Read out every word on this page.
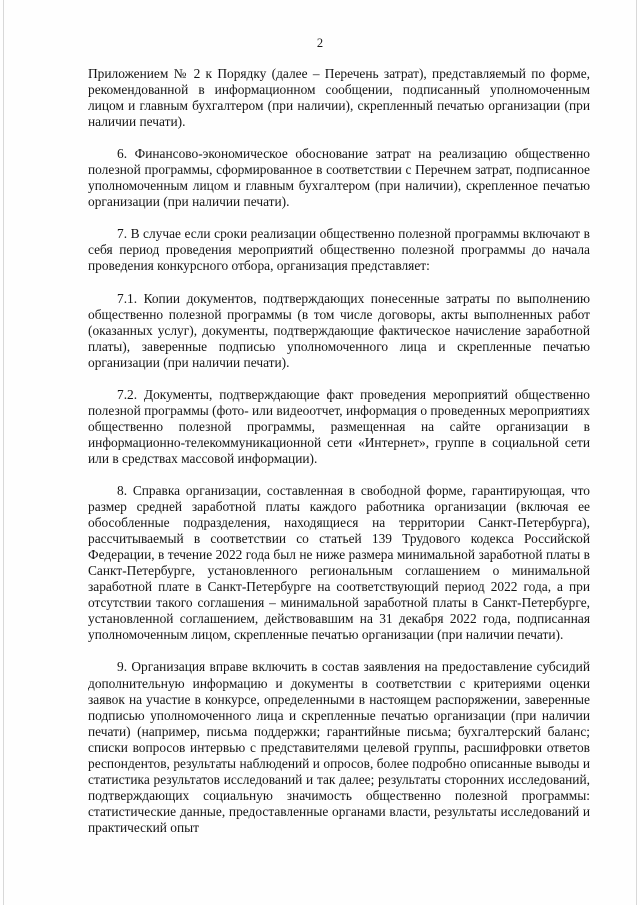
2

Приложением № 2 к Порядку (далее – Перечень затрат), представляемый по форме, рекомендованной в информационном сообщении, подписанный уполномоченным лицом и главным бухгалтером (при наличии), скрепленный печатью организации (при наличии печати).

6. Финансово-экономическое обоснование затрат на реализацию общественно полезной программы, сформированное в соответствии с Перечнем затрат, подписанное уполномоченным лицом и главным бухгалтером (при наличии), скрепленное печатью организации (при наличии печати).

7. В случае если сроки реализации общественно полезной программы включают в себя период проведения мероприятий общественно полезной программы до начала проведения конкурсного отбора, организация представляет:

7.1. Копии документов, подтверждающих понесенные затраты по выполнению общественно полезной программы (в том числе договоры, акты выполненных работ (оказанных услуг), документы, подтверждающие фактическое начисление заработной платы), заверенные подписью уполномоченного лица и скрепленные печатью организации (при наличии печати).

7.2. Документы, подтверждающие факт проведения мероприятий общественно полезной программы (фото- или видеоотчет, информация о проведенных мероприятиях общественно полезной программы, размещенная на сайте организации в информационно-телекоммуникационной сети «Интернет», группе в социальной сети или в средствах массовой информации).

8. Справка организации, составленная в свободной форме, гарантирующая, что размер средней заработной платы каждого работника организации (включая ее обособленные подразделения, находящиеся на территории Санкт-Петербурга), рассчитываемый в соответствии со статьей 139 Трудового кодекса Российской Федерации, в течение 2022 года был не ниже размера минимальной заработной платы в Санкт-Петербурге, установленного региональным соглашением о минимальной заработной плате в Санкт-Петербурге на соответствующий период 2022 года, а при отсутствии такого соглашения – минимальной заработной платы в Санкт-Петербурге, установленной соглашением, действовавшим на 31 декабря 2022 года, подписанная уполномоченным лицом, скрепленные печатью организации (при наличии печати).

9. Организация вправе включить в состав заявления на предоставление субсидий дополнительную информацию и документы в соответствии с критериями оценки заявок на участие в конкурсе, определенными в настоящем распоряжении, заверенные подписью уполномоченного лица и скрепленные печатью организации (при наличии печати) (например, письма поддержки; гарантийные письма; бухгалтерский баланс; списки вопросов интервью с представителями целевой группы, расшифровки ответов респондентов, результаты наблюдений и опросов, более подробно описанные выводы и статистика результатов исследований и так далее; результаты сторонних исследований, подтверждающих социальную значимость общественно полезной программы: статистические данные, предоставленные органами власти, результаты исследований и практический опыт
